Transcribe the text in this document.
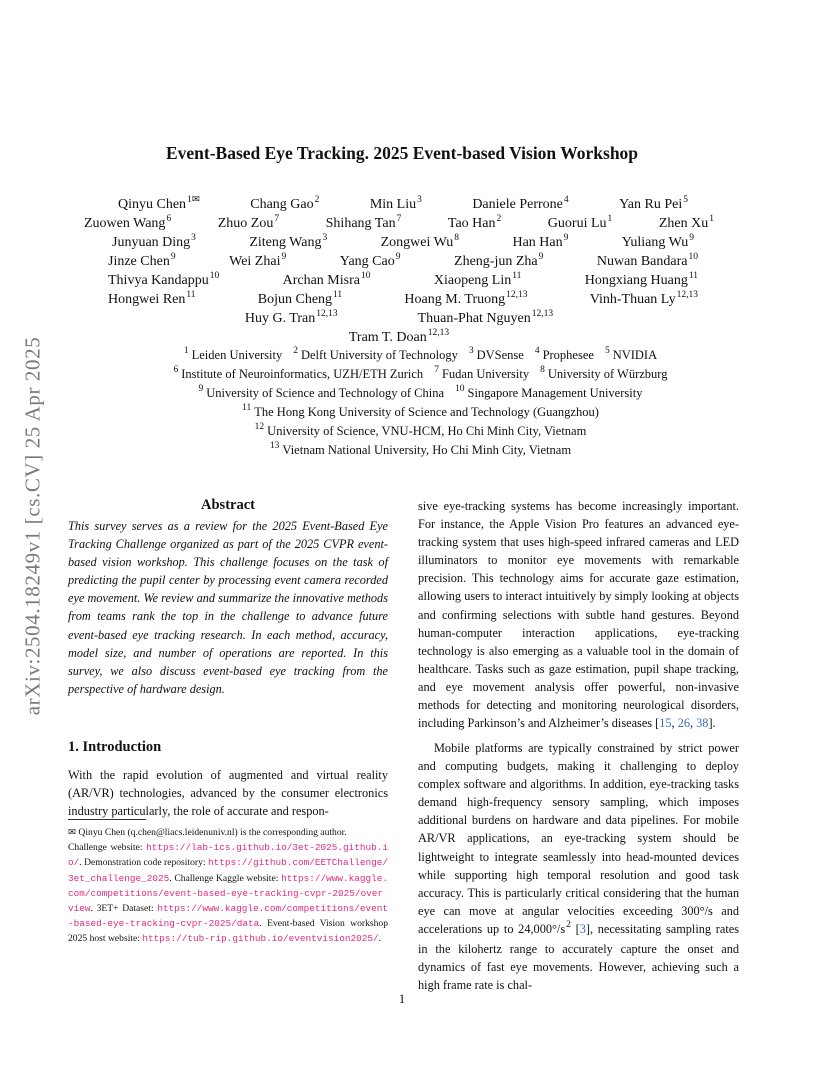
arXiv:2504.18249v1 [cs.CV] 25 Apr 2025
Event-Based Eye Tracking. 2025 Event-based Vision Workshop
Qinyu Chen$^{1✉}$	Chang Gao$^2$	Min Liu$^3$	Daniele Perrone$^4$	Yan Ru Pei$^5$
Zuowen Wang$^6$	Zhuo Zou$^7$	Shihang Tan$^7$	Tao Han$^2$	Guorui Lu$^1$	Zhen Xu$^1$
Junyuan Ding$^3$	Ziteng Wang$^3$	Zongwei Wu$^8$	Han Han$^9$	Yuliang Wu$^9$
Jinze Chen$^9$	Wei Zhai$^9$	Yang Cao$^9$	Zheng-jun Zha$^9$	Nuwan Bandara$^{10}$
Thivya Kandappu$^{10}$	Archan Misra$^{10}$	Xiaopeng Lin$^{11}$	Hongxiang Huang$^{11}$
Hongwei Ren$^{11}$	Bojun Cheng$^{11}$	Hoang M. Truong$^{12,13}$	Vinh-Thuan Ly$^{12,13}$
Huy G. Tran$^{12,13}$	Thuan-Phat Nguyen$^{12,13}$
Tram T. Doan$^{12,13}$
$^1$ Leiden University $^2$ Delft University of Technology $^3$ DVSense $^4$ Prophesee $^5$ NVIDIA
$^6$ Institute of Neuroinformatics, UZH/ETH Zurich $^7$ Fudan University $^8$ University of Würzburg
$^9$ University of Science and Technology of China $^{10}$ Singapore Management University
$^{11}$ The Hong Kong University of Science and Technology (Guangzhou)
$^{12}$ University of Science, VNU-HCM, Ho Chi Minh City, Vietnam
$^{13}$ Vietnam National University, Ho Chi Minh City, Vietnam
Abstract

This survey serves as a review for the 2025 Event-Based Eye Tracking Challenge organized as part of the 2025 CVPR event-based vision workshop. This challenge focuses on the task of predicting the pupil center by processing event camera recorded eye movement. We review and summarize the innovative methods from teams rank the top in the challenge to advance future event-based eye tracking research. In each method, accuracy, model size, and number of operations are reported. In this survey, we also discuss event-based eye tracking from the perspective of hardware design.

1. Introduction

With the rapid evolution of augmented and virtual reality (AR/VR) technologies, advanced by the consumer electronics industry particularly, the role of accurate and respon-

✉ Qinyu Chen (q.chen@liacs.leidenuniv.nl) is the corresponding author.
Challenge website: https://lab-ics.github.io/3et-2025.github.io/. Demonstration code repository: https://github.com/EETChallenge/3et_challenge_2025. Challenge Kaggle website: https://www.kaggle.com/competitions/event-based-eye-tracking-cvpr-2025/overview. 3ET+ Dataset: https://www.kaggle.com/competitions/event-based-eye-tracking-cvpr-2025/data. Event-based Vision workshop 2025 host website: https://tub-rip.github.io/eventvision2025/.

sive eye-tracking systems has become increasingly important. For instance, the Apple Vision Pro features an advanced eye-tracking system that uses high-speed infrared cameras and LED illuminators to monitor eye movements with remarkable precision. This technology aims for accurate gaze estimation, allowing users to interact intuitively by simply looking at objects and confirming selections with subtle hand gestures. Beyond human-computer interaction applications, eye-tracking technology is also emerging as a valuable tool in the domain of healthcare. Tasks such as gaze estimation, pupil shape tracking, and eye movement analysis offer powerful, non-invasive methods for detecting and monitoring neurological disorders, including Parkinson’s and Alzheimer’s diseases [15, 26, 38].

Mobile platforms are typically constrained by strict power and computing budgets, making it challenging to deploy complex software and algorithms. In addition, eye-tracking tasks demand high-frequency sensory sampling, which imposes additional burdens on hardware and data pipelines. For mobile AR/VR applications, an eye-tracking system should be lightweight to integrate seamlessly into head-mounted devices while supporting high temporal resolution and good task accuracy. This is particularly critical considering that the human eye can move at angular velocities exceeding 300°/s and accelerations up to $24,000^\circ/s^2$ [3], necessitating sampling rates in the kilohertz range to accurately capture the onset and dynamics of fast eye movements. However, achieving such a high frame rate is chal-

1
